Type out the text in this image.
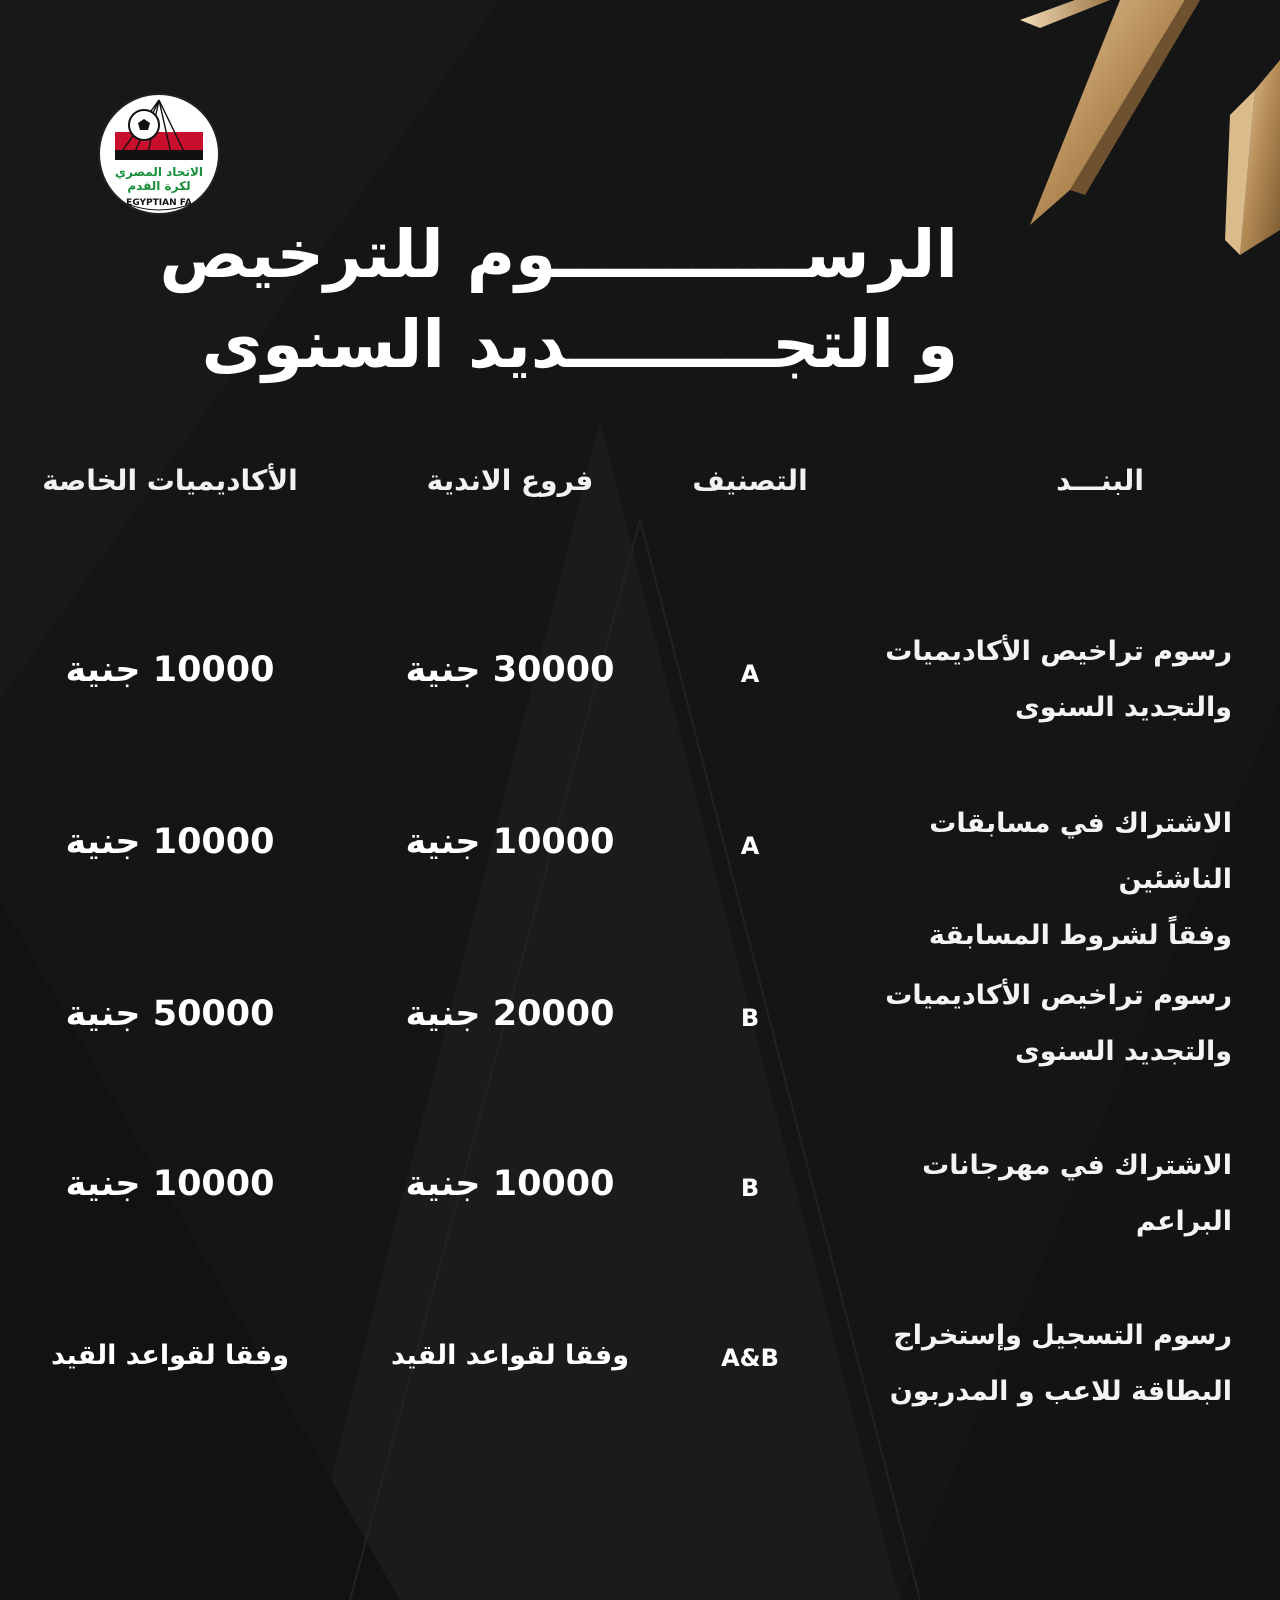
الاتحاد المصري
لكرة القدم
EGYPTIAN FA
الرســـــــــــوم للترخيص
و التجـــــــــديد السنوى
البنـــد
التصنيف
فروع الاندية
الأكاديميات الخاصة
رسوم تراخيص الأكاديميات
والتجديد السنوى
A
30000 جنية
10000 جنية
الاشتراك في مسابقات الناشئين
وفقاً لشروط المسابقة
A
10000 جنية
10000 جنية
رسوم تراخيص الأكاديميات
والتجديد السنوى
B
20000 جنية
50000 جنية
الاشتراك في مهرجانات
البراعم
B
10000 جنية
10000 جنية
رسوم التسجيل وإستخراج
البطاقة للاعب و المدربون
A&B
وفقا لقواعد القيد
وفقا لقواعد القيد
